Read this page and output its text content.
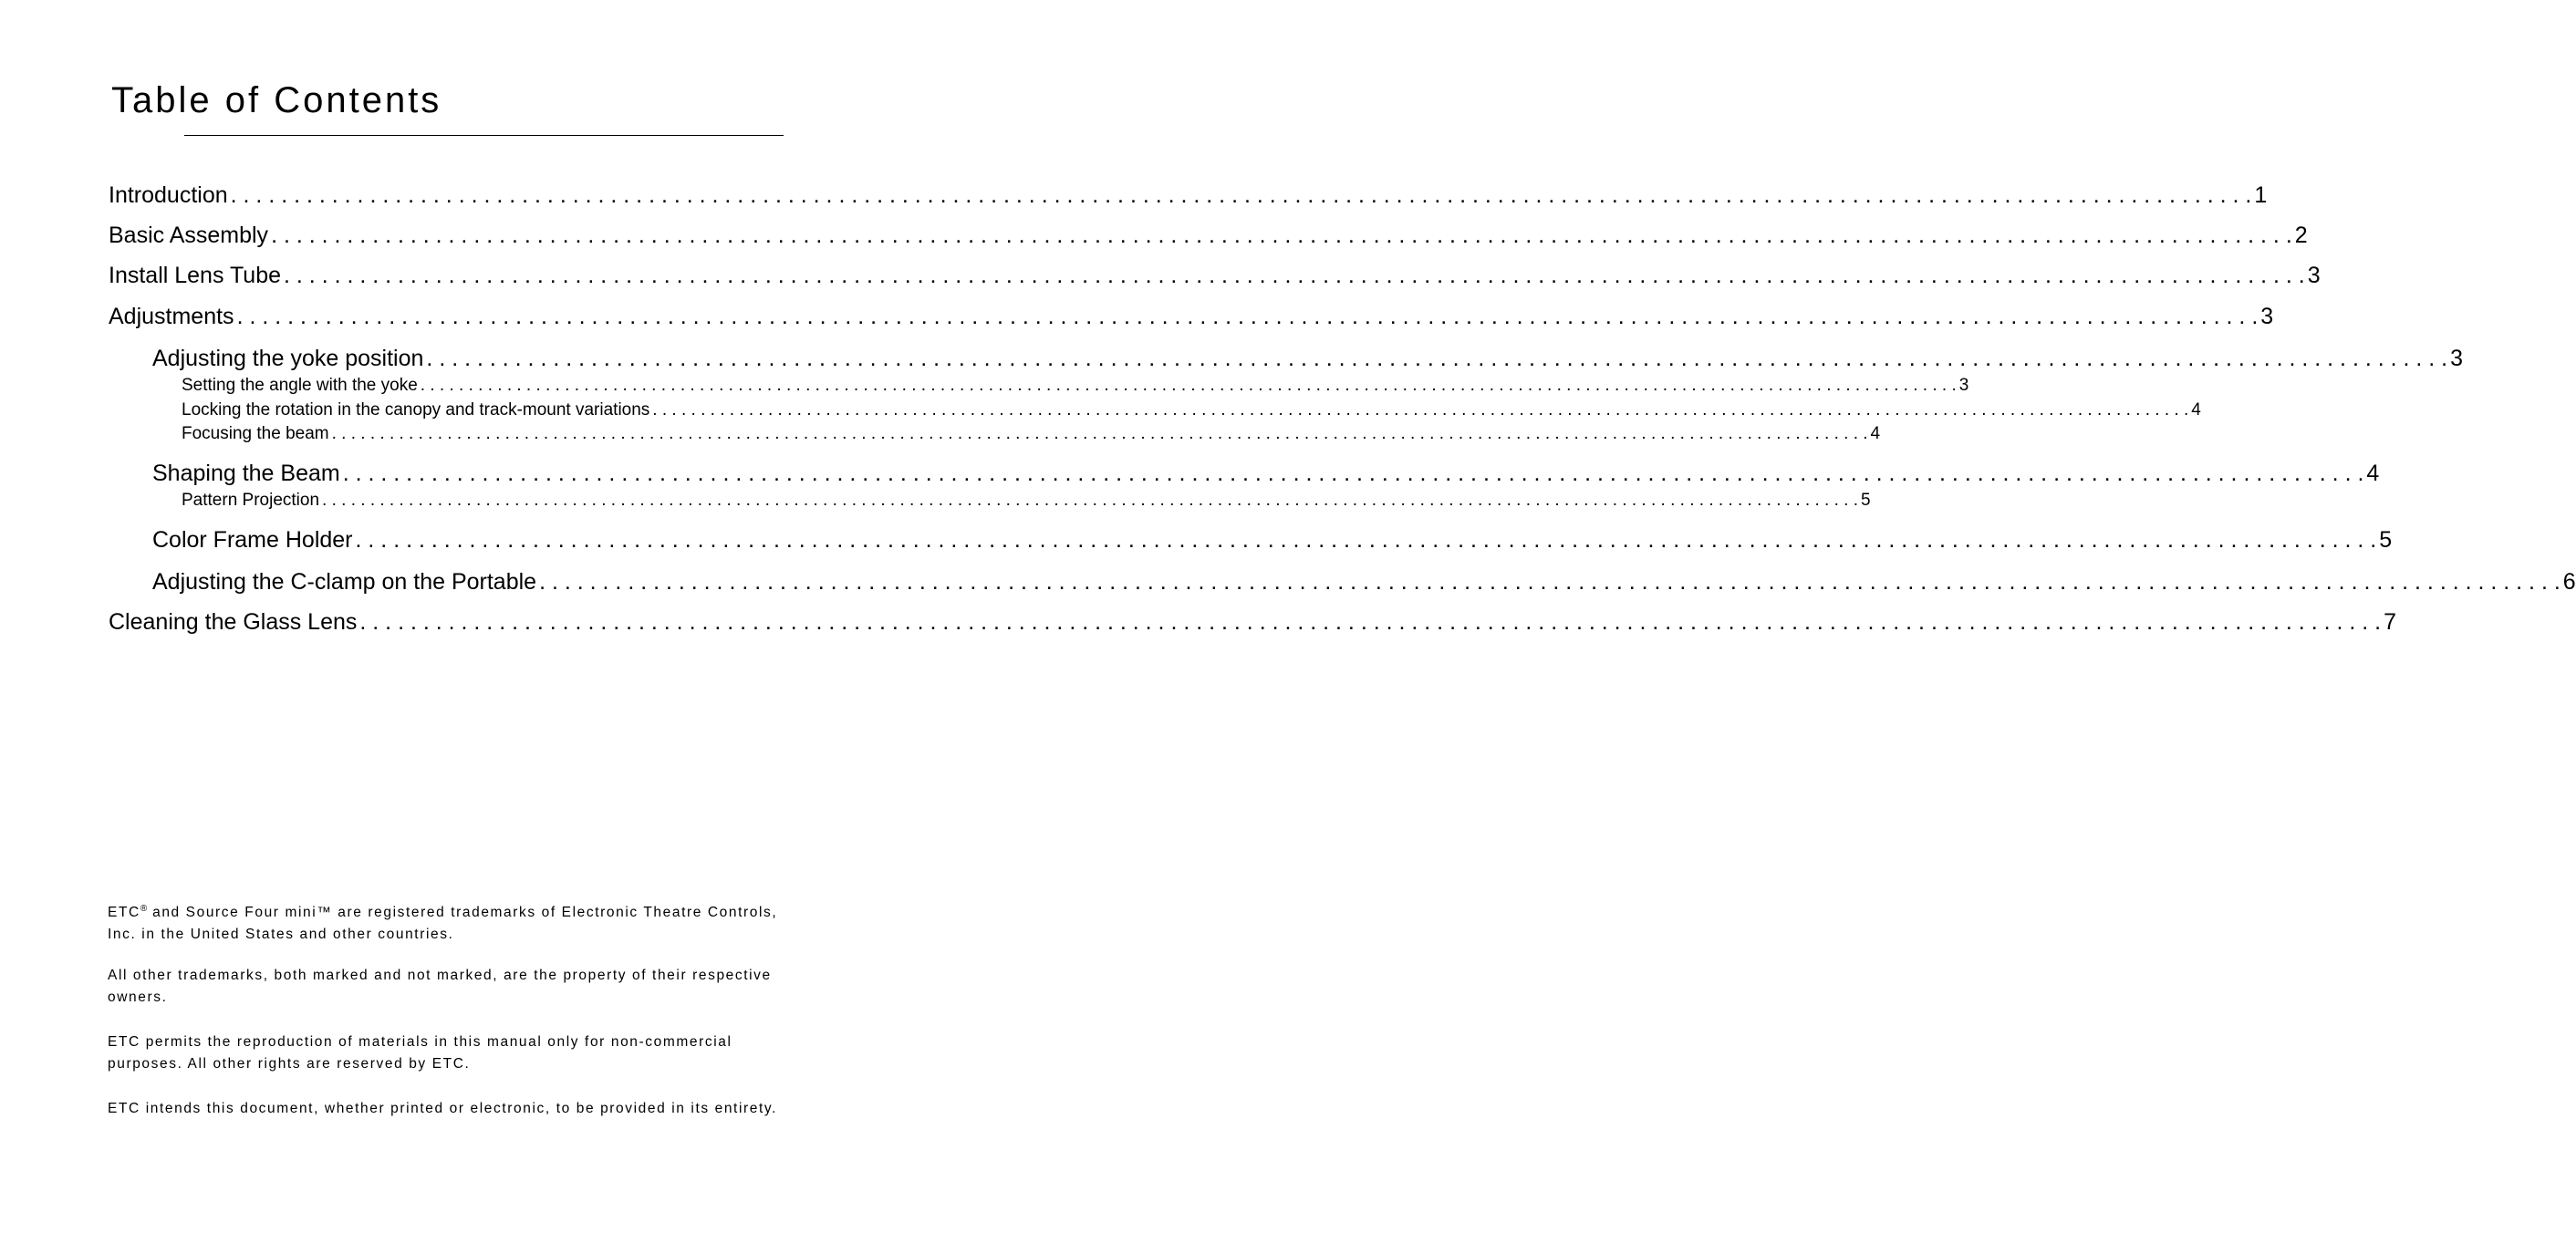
Table of Contents
Introduction . . . . . . . . . . . . . . . . . . . . . . . . . . . . . . . . . . . . . . . . . . . . . . . . . . . . . . . . . . . . . . . . . . . . . . . . . . . . . . . . . . . . . . . . . . . . . . . . . . . . . . . . . . . . . . . . . . . . . . . . . . . . . . . . . . . . . . . . . . . . . . . . . . . . . . . . . . . . . . . . 1
Basic Assembly . . . . . . . . . . . . . . . . . . . . . . . . . . . . . . . . . . . . . . . . . . . . . . . . . . . . . . . . . . . . . . . . . . . . . . . . . . . . . . . . . . . . . . . . . . . . . . . . . . . . . . . . . . . . . . . . . . . . . . . . . . . . . . . . . . . . . . . . . . . . . . . . . . . . . . . . . . . . . . . . 2
Install Lens Tube . . . . . . . . . . . . . . . . . . . . . . . . . . . . . . . . . . . . . . . . . . . . . . . . . . . . . . . . . . . . . . . . . . . . . . . . . . . . . . . . . . . . . . . . . . . . . . . . . . . . . . . . . . . . . . . . . . . . . . . . . . . . . . . . . . . . . . . . . . . . . . . . . . . . . . . . . . . . . . . . 3
Adjustments . . . . . . . . . . . . . . . . . . . . . . . . . . . . . . . . . . . . . . . . . . . . . . . . . . . . . . . . . . . . . . . . . . . . . . . . . . . . . . . . . . . . . . . . . . . . . . . . . . . . . . . . . . . . . . . . . . . . . . . . . . . . . . . . . . . . . . . . . . . . . . . . . . . . . . . . . . . . . . . . 3
Adjusting the yoke position . . . . . . . . . . . . . . . . . . . . . . . . . . . . . . . . . . . . . . . . . . . . . . . . . . . . . . . . . . . . . . . . . . . . . . . . . . . . . . . . . . . . . . . . . . . . . . . . . . . . . . . . . . . . . . . . . . . . . . . . . . . . . . . . . . . . . . . . . . . . . . . . . . . . . . . . . . . . . . . . 3
Setting the angle with the yoke . . . . . . . . . . . . . . . . . . . . . . . . . . . . . . . . . . . . . . . . . . . . . . . . . . . . . . . . . . . . . . . . . . . . . . . . . . . . . . . . . . . . . . . . . . . . . . . . . . . . . . . . . . . . . . . . . . . . . . . . . . . . . . . . . . . . . . . . . . . . . . . . . . . . . . . . . . . . . . . . 3
Locking the rotation in the canopy and track-mount variations . . . . . . . . . . . . . . . . . . . . . . . . . . . . . . . . . . . . . . . . . . . . . . . . . . . . . . . . . . . . . . . . . . . . . . . . . . . . . . . . . . . . . . . . . . . . . . . . . . . . . . . . . . . . . . . . . . . . . . . . . . . . . . . . . . . . . . . . . . . . . . . . . . . . . . . . . . . . . . . . 4
Focusing the beam . . . . . . . . . . . . . . . . . . . . . . . . . . . . . . . . . . . . . . . . . . . . . . . . . . . . . . . . . . . . . . . . . . . . . . . . . . . . . . . . . . . . . . . . . . . . . . . . . . . . . . . . . . . . . . . . . . . . . . . . . . . . . . . . . . . . . . . . . . . . . . . . . . . . . . . . . . . . . . . . 4
Shaping the Beam . . . . . . . . . . . . . . . . . . . . . . . . . . . . . . . . . . . . . . . . . . . . . . . . . . . . . . . . . . . . . . . . . . . . . . . . . . . . . . . . . . . . . . . . . . . . . . . . . . . . . . . . . . . . . . . . . . . . . . . . . . . . . . . . . . . . . . . . . . . . . . . . . . . . . . . . . . . . . . . . 4
Pattern Projection . . . . . . . . . . . . . . . . . . . . . . . . . . . . . . . . . . . . . . . . . . . . . . . . . . . . . . . . . . . . . . . . . . . . . . . . . . . . . . . . . . . . . . . . . . . . . . . . . . . . . . . . . . . . . . . . . . . . . . . . . . . . . . . . . . . . . . . . . . . . . . . . . . . . . . . . . . . . . . . . 5
Color Frame Holder . . . . . . . . . . . . . . . . . . . . . . . . . . . . . . . . . . . . . . . . . . . . . . . . . . . . . . . . . . . . . . . . . . . . . . . . . . . . . . . . . . . . . . . . . . . . . . . . . . . . . . . . . . . . . . . . . . . . . . . . . . . . . . . . . . . . . . . . . . . . . . . . . . . . . . . . . . . . . . . . 5
Adjusting the C-clamp on the Portable . . . . . . . . . . . . . . . . . . . . . . . . . . . . . . . . . . . . . . . . . . . . . . . . . . . . . . . . . . . . . . . . . . . . . . . . . . . . . . . . . . . . . . . . . . . . . . . . . . . . . . . . . . . . . . . . . . . . . . . . . . . . . . . . . . . . . . . . . . . . . . . . . . . . . . . . . . . . . . . . 6
Cleaning the Glass Lens . . . . . . . . . . . . . . . . . . . . . . . . . . . . . . . . . . . . . . . . . . . . . . . . . . . . . . . . . . . . . . . . . . . . . . . . . . . . . . . . . . . . . . . . . . . . . . . . . . . . . . . . . . . . . . . . . . . . . . . . . . . . . . . . . . . . . . . . . . . . . . . . . . . . . . . . . . . . . . . . 7

ETC® and Source Four mini™ are registered trademarks of Electronic Theatre Controls, Inc. in the United States and other countries.

All other trademarks, both marked and not marked, are the property of their respective owners.

ETC permits the reproduction of materials in this manual only for non-commercial purposes. All other rights are reserved by ETC.

ETC intends this document, whether printed or electronic, to be provided in its entirety.
